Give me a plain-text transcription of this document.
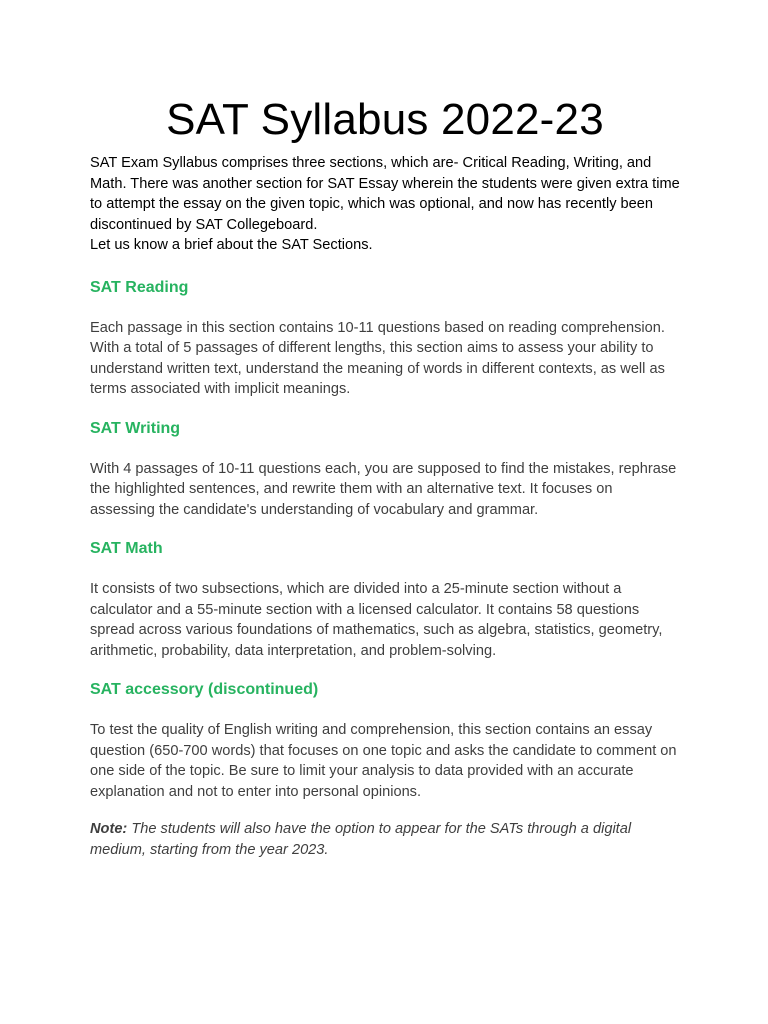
SAT Syllabus 2022-23

SAT Exam Syllabus comprises three sections, which are- Critical Reading, Writing, and Math. There was another section for SAT Essay wherein the students were given extra time to attempt the essay on the given topic, which was optional, and now has recently been discontinued by SAT Collegeboard.

Let us know a brief about the SAT Sections.

SAT Reading

Each passage in this section contains 10-11 questions based on reading comprehension. With a total of 5 passages of different lengths, this section aims to assess your ability to understand written text, understand the meaning of words in different contexts, as well as terms associated with implicit meanings.

SAT Writing

With 4 passages of 10-11 questions each, you are supposed to find the mistakes, rephrase the highlighted sentences, and rewrite them with an alternative text. It focuses on assessing the candidate's understanding of vocabulary and grammar.

SAT Math

It consists of two subsections, which are divided into a 25-minute section without a calculator and a 55-minute section with a licensed calculator. It contains 58 questions spread across various foundations of mathematics, such as algebra, statistics, geometry, arithmetic, probability, data interpretation, and problem-solving.

SAT accessory (discontinued)

To test the quality of English writing and comprehension, this section contains an essay question (650-700 words) that focuses on one topic and asks the candidate to comment on one side of the topic. Be sure to limit your analysis to data provided with an accurate explanation and not to enter into personal opinions.

Note: The students will also have the option to appear for the SATs through a digital medium, starting from the year 2023.
